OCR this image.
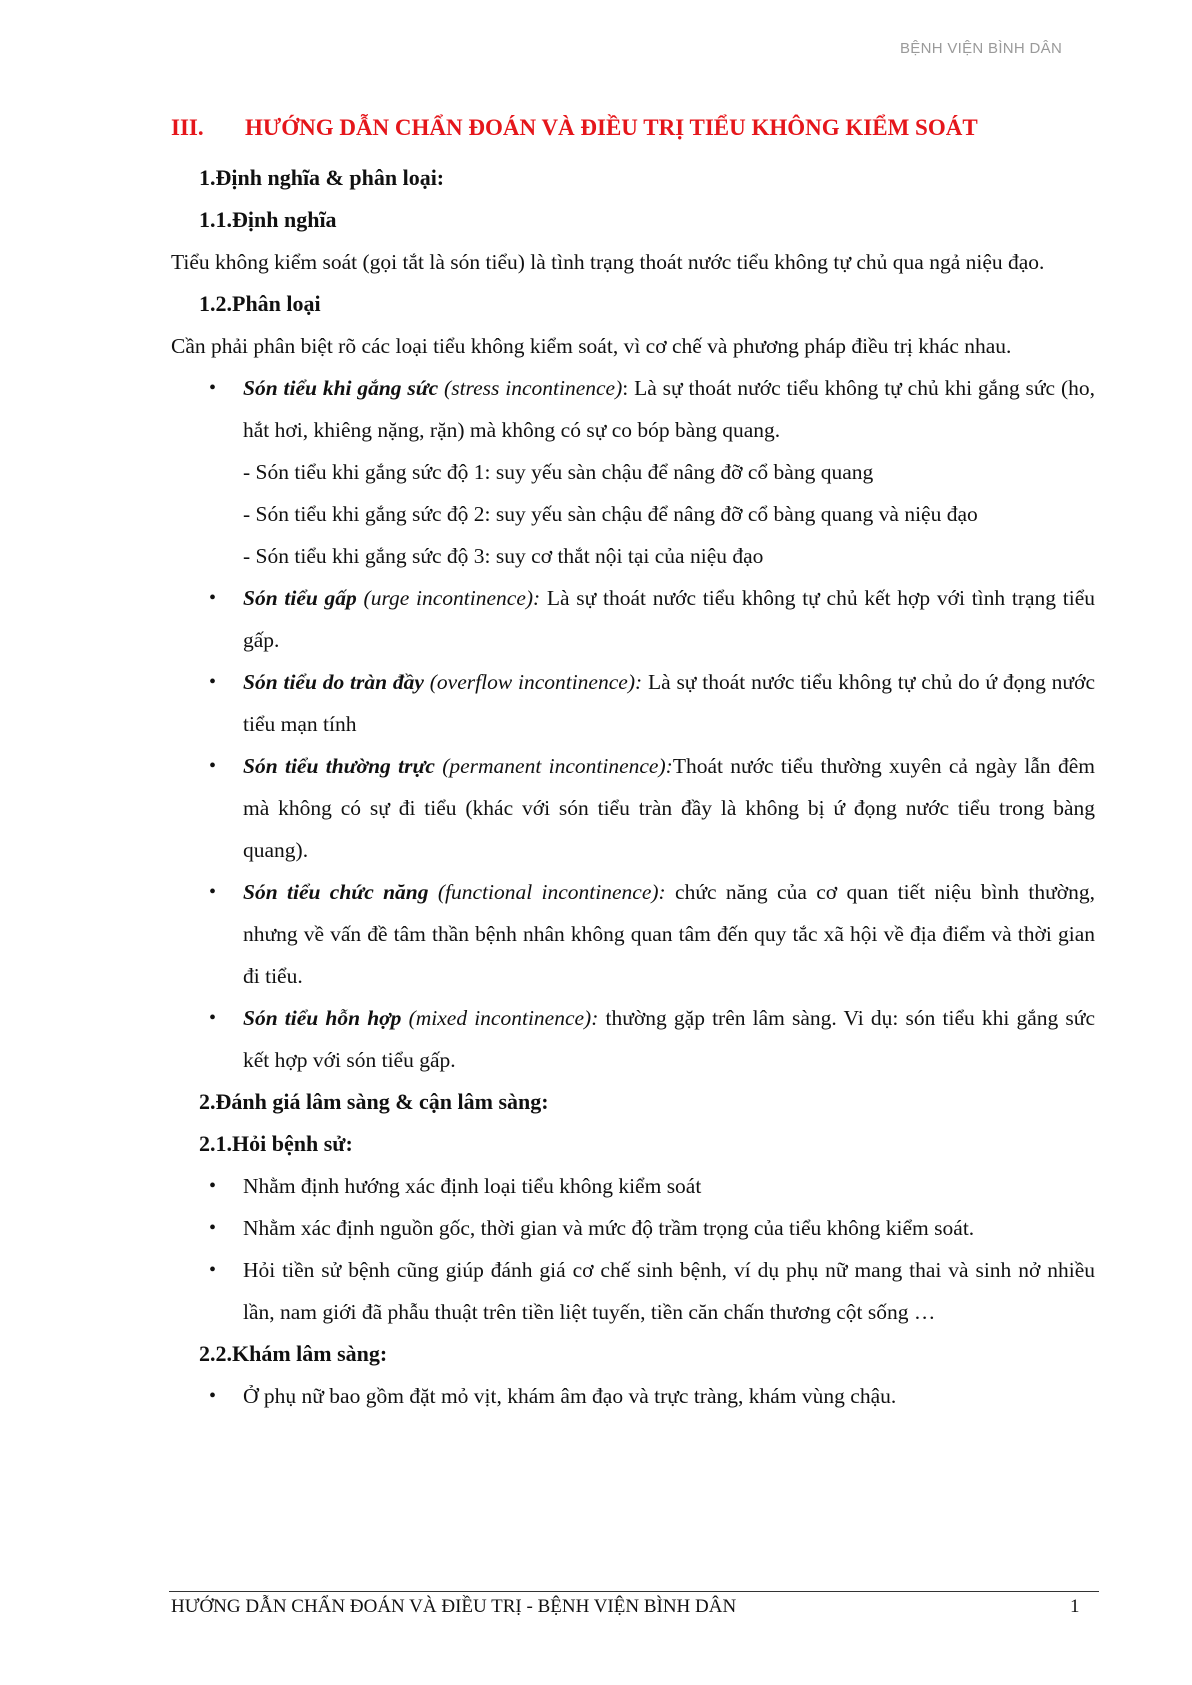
BỆNH VIỆN BÌNH DÂN
III. HƯỚNG DẪN CHẨN ĐOÁN VÀ ĐIỀU TRỊ TIỂU KHÔNG KIỂM SOÁT
1.Định nghĩa & phân loại:
1.1.Định nghĩa
Tiểu không kiểm soát (gọi tắt là són tiểu) là tình trạng thoát nước tiểu không tự chủ qua ngả niệu đạo.
1.2.Phân loại
Cần phải phân biệt rõ các loại tiểu không kiểm soát, vì cơ chế và phương pháp điều trị khác nhau.
• Són tiểu khi gắng sức (stress incontinence): Là sự thoát nước tiểu không tự chủ khi gắng sức (ho, hắt hơi, khiêng nặng, rặn) mà không có sự co bóp bàng quang.
- Són tiểu khi gắng sức độ 1: suy yếu sàn chậu để nâng đỡ cổ bàng quang
- Són tiểu khi gắng sức độ 2: suy yếu sàn chậu để nâng đỡ cổ bàng quang và niệu đạo
- Són tiểu khi gắng sức độ 3: suy cơ thắt nội tại của niệu đạo
• Són tiểu gấp (urge incontinence): Là sự thoát nước tiểu không tự chủ kết hợp với tình trạng tiểu gấp.
• Són tiểu do tràn đầy (overflow incontinence): Là sự thoát nước tiểu không tự chủ do ứ đọng nước tiểu mạn tính
• Són tiểu thường trực (permanent incontinence):Thoát nước tiểu thường xuyên cả ngày lẫn đêm mà không có sự đi tiểu (khác với són tiểu tràn đầy là không bị ứ đọng nước tiểu trong bàng quang).
• Són tiểu chức năng (functional incontinence): chức năng của cơ quan tiết niệu bình thường, nhưng về vấn đề tâm thần bệnh nhân không quan tâm đến quy tắc xã hội về địa điểm và thời gian đi tiểu.
• Són tiểu hỗn hợp (mixed incontinence): thường gặp trên lâm sàng. Vi dụ: són tiểu khi gắng sức kết hợp với són tiểu gấp.
2.Đánh giá lâm sàng & cận lâm sàng:
2.1.Hỏi bệnh sử:
• Nhằm định hướng xác định loại tiểu không kiểm soát
• Nhằm xác định nguồn gốc, thời gian và mức độ trầm trọng của tiểu không kiểm soát.
• Hỏi tiền sử bệnh cũng giúp đánh giá cơ chế sinh bệnh, ví dụ phụ nữ mang thai và sinh nở nhiều lần, nam giới đã phẫu thuật trên tiền liệt tuyến, tiền căn chấn thương cột sống …
2.2.Khám lâm sàng:
• Ở phụ nữ bao gồm đặt mỏ vịt, khám âm đạo và trực tràng, khám vùng chậu.
HƯỚNG DẪN CHẨN ĐOÁN VÀ ĐIỀU TRỊ - BỆNH VIỆN BÌNH DÂN	1
